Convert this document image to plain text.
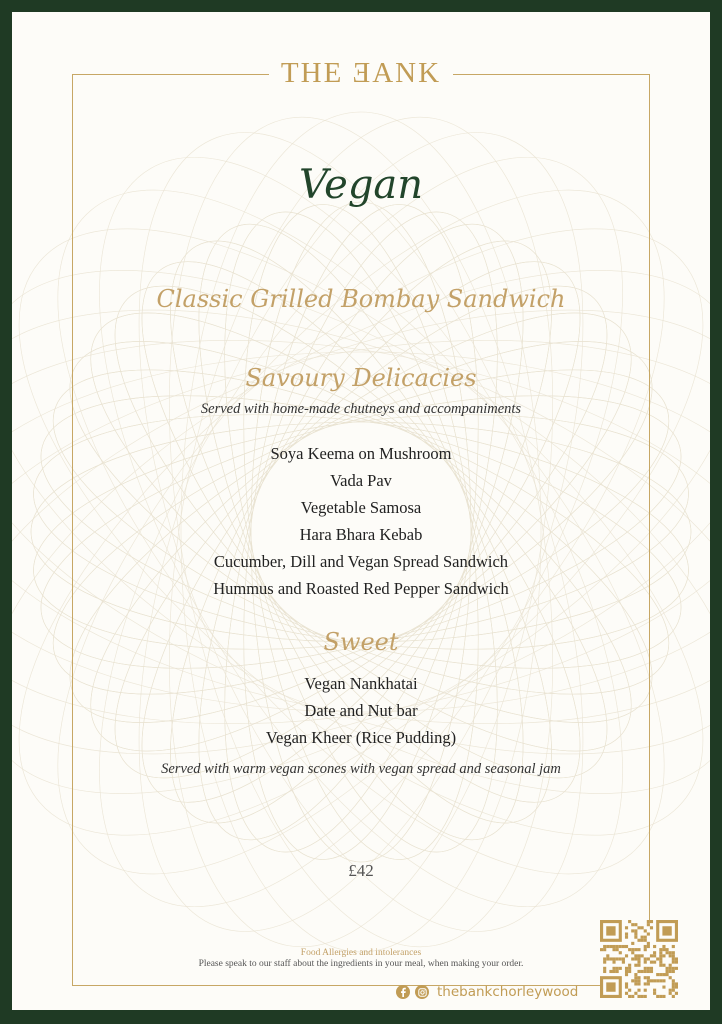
THE ƎANK
Vegan
Classic Grilled Bombay Sandwich
Savoury Delicacies
Served with home-made chutneys and accompaniments
Soya Keema on Mushroom
Vada Pav
Vegetable Samosa
Hara Bhara Kebab
Cucumber, Dill and Vegan Spread Sandwich
Hummus and Roasted Red Pepper Sandwich
Sweet
Vegan Nankhatai
Date and Nut bar
Vegan Kheer (Rice Pudding)
Served with warm vegan scones with vegan spread and seasonal jam
£42
Food Allergies and intolerances
Please speak to our staff about the ingredients in your meal, when making your order.
thebankchorleywood
